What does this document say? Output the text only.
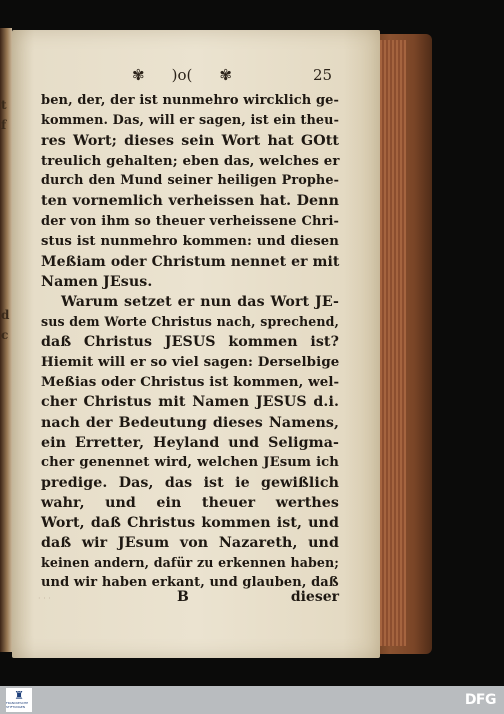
t
f
d
c
✾ )o( ✾	25
ben, der, der ist nunmehro wircklich ge-
kommen. Das, will er sagen, ist ein theu-
res Wort; dieses sein Wort hat GOtt
treulich gehalten; eben das, welches er
durch den Mund seiner heiligen Prophe-
ten vornemlich verheissen hat. Denn
der von ihm so theuer verheissene Chri-
stus ist nunmehro kommen: und diesen
Meßiam oder Christum nennet er mit
Namen JEsus.
Warum setzet er nun das Wort JE-
sus dem Worte Christus nach, sprechend,
daß Christus JESUS kommen ist?
Hiemit will er so viel sagen: Derselbige
Meßias oder Christus ist kommen, wel-
cher Christus mit Namen JESUS d.i.
nach der Bedeutung dieses Namens,
ein Erretter, Heyland und Seligma-
cher genennet wird, welchen JEsum ich
predige. Das, das ist ie gewißlich
wahr, und ein theuer werthes
Wort, daß Christus kommen ist, und
daß wir JEsum von Nazareth, und
keinen andern, dafür zu erkennen haben;
und wir haben erkant, und glauben, daß
· · ·	B	dieser
♜
FRANCKESCHE STIFTUNGEN	DFG
